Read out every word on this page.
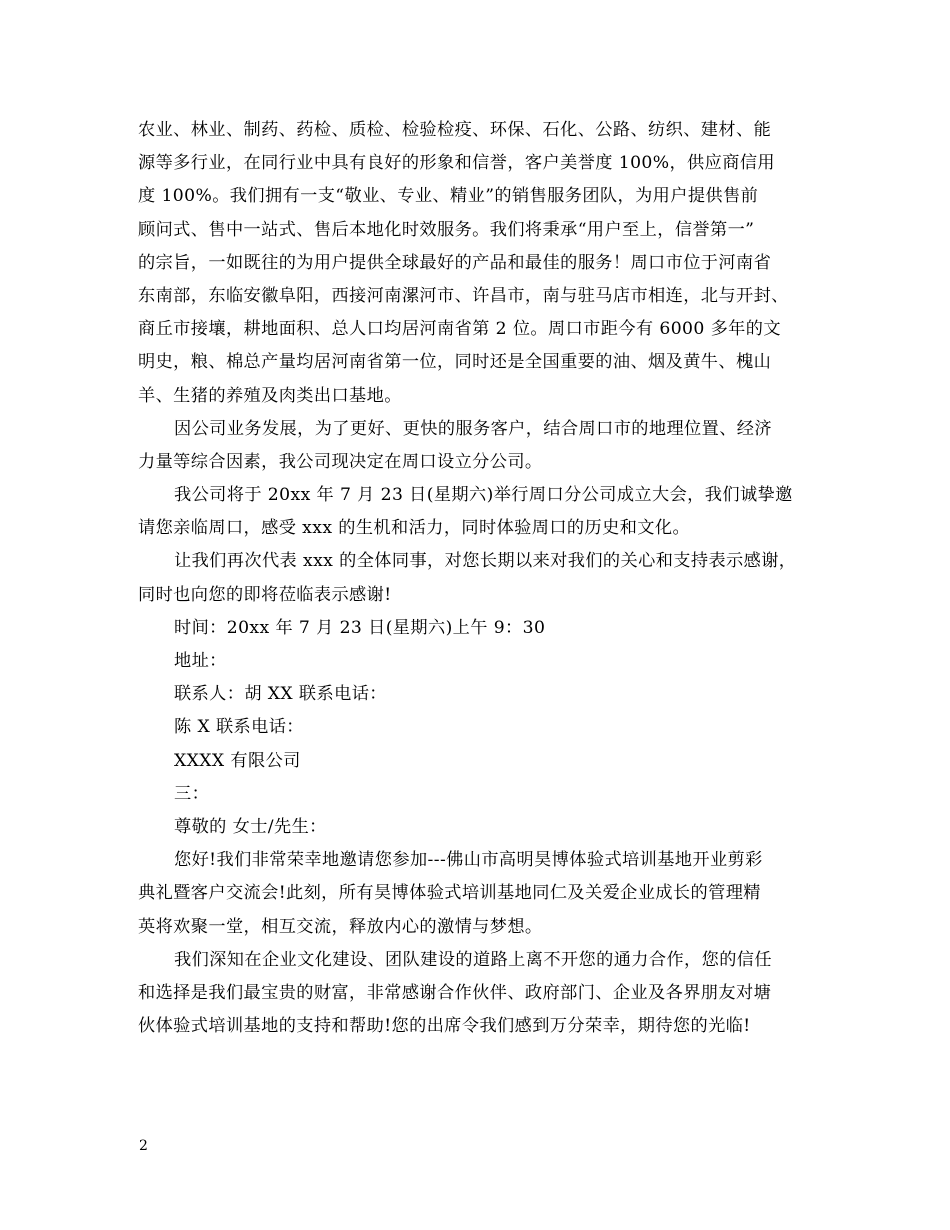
农业、林业、制药、药检、质检、检验检疫、环保、石化、公路、纺织、建材、能
源等多行业，在同行业中具有良好的形象和信誉，客户美誉度 100%，供应商信用
度 100%。我们拥有一支“敬业、专业、精业”的销售服务团队，为用户提供售前
顾问式、售中一站式、售后本地化时效服务。我们将秉承“用户至上，信誉第一”
的宗旨，一如既往的为用户提供全球最好的产品和最佳的服务！周口市位于河南省
东南部，东临安徽阜阳，西接河南漯河市、许昌市，南与驻马店市相连，北与开封、
商丘市接壤，耕地面积、总人口均居河南省第 2 位。周口市距今有 6000 多年的文
明史，粮、棉总产量均居河南省第一位，同时还是全国重要的油、烟及黄牛、槐山
羊、生猪的养殖及肉类出口基地。
因公司业务发展，为了更好、更快的服务客户，结合周口市的地理位置、经济
力量等综合因素，我公司现决定在周口设立分公司。
我公司将于 20xx 年 7 月 23 日(星期六)举行周口分公司成立大会，我们诚挚邀
请您亲临周口，感受 xxx 的生机和活力，同时体验周口的历史和文化。
让我们再次代表 xxx 的全体同事，对您长期以来对我们的关心和支持表示感谢，
同时也向您的即将莅临表示感谢!
时间：20xx 年 7 月 23 日(星期六)上午 9：30
地址：
联系人：胡 XX 联系电话：
陈 X 联系电话：
XXXX 有限公司
三：
尊敬的 女士/先生：
您好!我们非常荣幸地邀请您参加---佛山市高明昊博体验式培训基地开业剪彩
典礼暨客户交流会!此刻，所有昊博体验式培训基地同仁及关爱企业成长的管理精
英将欢聚一堂，相互交流，释放内心的激情与梦想。
我们深知在企业文化建设、团队建设的道路上离不开您的通力合作，您的信任
和选择是我们最宝贵的财富，非常感谢合作伙伴、政府部门、企业及各界朋友对塘
伙体验式培训基地的支持和帮助!您的出席令我们感到万分荣幸，期待您的光临!
2
